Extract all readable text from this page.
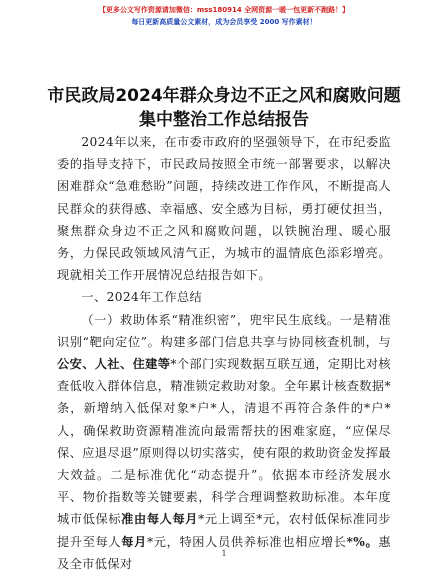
【更多公文写作资源请加微信：mss180914 全网资源一暖一包更新不跑路！】
每日更新高质量公文素材，成为会员享受 2000 写作素材！
市民政局2024年群众身边不正之风和腐败问题
集中整治工作总结报告

2024年以来，在市委市政府的坚强领导下，在市纪委监委的指导支持下，市民政局按照全市统一部署要求，以解决困难群众“急难愁盼”问题，持续改进工作作风，不断提高人民群众的获得感、幸福感、安全感为目标，勇打硬仗担当，聚焦群众身边不正之风和腐败问题，以铁腕治理、暖心服务，力保民政领域风清气正，为城市的温情底色添彩增亮。现就相关工作开展情况总结报告如下。

一、2024年工作总结

（一）救助体系“精准织密”，兜牢民生底线。一是精准识别“靶向定位”。构建多部门信息共享与协同核查机制，与公安、人社、住建等*个部门实现数据互联互通，定期比对核查低收入群体信息，精准锁定救助对象。全年累计核查数据*条，新增纳入低保对象*户*人，清退不再符合条件的*户*人，确保救助资源精准流向最需帮扶的困难家庭，“应保尽保、应退尽退”原则得以切实落实，使有限的救助资金发挥最大效益。二是标准优化“动态提升”。依据本市经济发展水平、物价指数等关键要素，科学合理调整救助标准。本年度城市低保标准由每人每月*元上调至*元，农村低保标准同步提升至每人每月*元，特困人员供养标准也相应增长*%。惠及全市低保对

1
